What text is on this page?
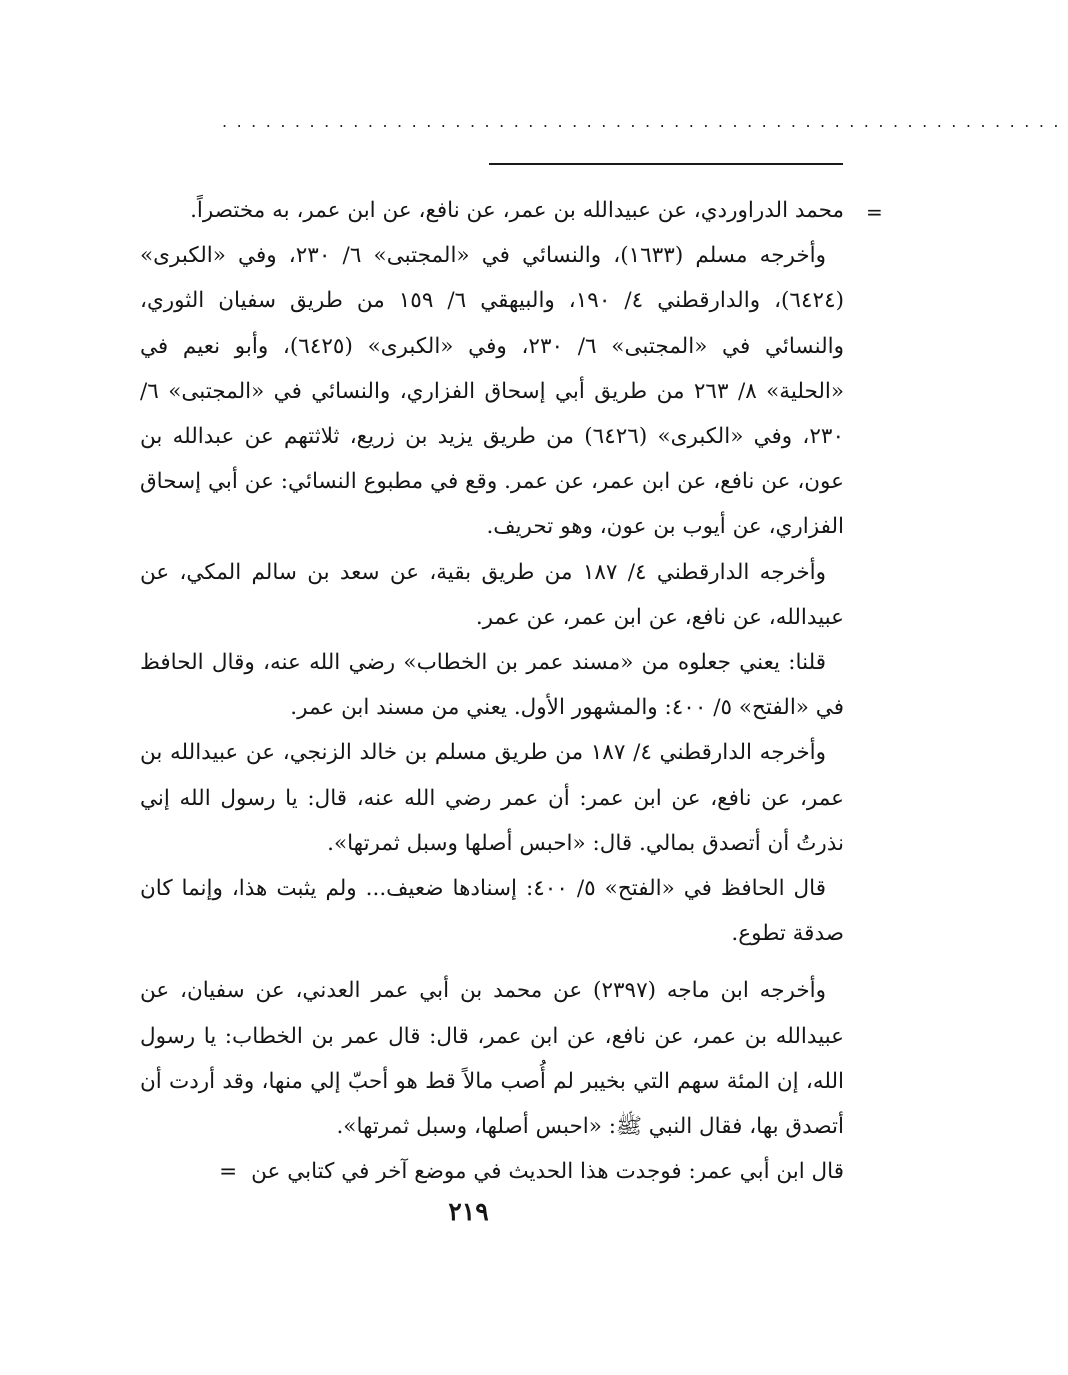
..........................................................
=

محمد الدراوردي، عن عبيدالله بن عمر، عن نافع، عن ابن عمر، به مختصراً.

وأخرجه مسلم (١٦٣٣)، والنسائي في «المجتبى» ٦/ ٢٣٠، وفي «الكبرى» (٦٤٢٤)، والدارقطني ٤/ ١٩٠، والبيهقي ٦/ ١٥٩ من طريق سفيان الثوري، والنسائي في «المجتبى» ٦/ ٢٣٠، وفي «الكبرى» (٦٤٢٥)، وأبو نعيم في «الحلية» ٨/ ٢٦٣ من طريق أبي إسحاق الفزاري، والنسائي في «المجتبى» ٦/ ٢٣٠، وفي «الكبرى» (٦٤٢٦) من طريق يزيد بن زريع، ثلاثتهم عن عبدالله بن عون، عن نافع، عن ابن عمر، عن عمر. وقع في مطبوع النسائي: عن أبي إسحاق الفزاري، عن أيوب بن عون، وهو تحريف.

وأخرجه الدارقطني ٤/ ١٨٧ من طريق بقية، عن سعد بن سالم المكي، عن عبيدالله، عن نافع، عن ابن عمر، عن عمر.

قلنا: يعني جعلوه من «مسند عمر بن الخطاب» رضي الله عنه، وقال الحافظ في «الفتح» ٥/ ٤٠٠: والمشهور الأول. يعني من مسند ابن عمر.

وأخرجه الدارقطني ٤/ ١٨٧ من طريق مسلم بن خالد الزنجي، عن عبيدالله بن عمر، عن نافع، عن ابن عمر: أن عمر رضي الله عنه، قال: يا رسول الله إني نذرتُ أن أتصدق بمالي. قال: «احبس أصلها وسبل ثمرتها».

قال الحافظ في «الفتح» ٥/ ٤٠٠: إسنادها ضعيف... ولم يثبت هذا، وإنما كان صدقة تطوع.

وأخرجه ابن ماجه (٢٣٩٧) عن محمد بن أبي عمر العدني، عن سفيان، عن عبيدالله بن عمر، عن نافع، عن ابن عمر، قال: قال عمر بن الخطاب: يا رسول الله، إن المئة سهم التي بخيبر لم أُصب مالاً قط هو أحبّ إلي منها، وقد أردت أن أتصدق بها، فقال النبي ﷺ: «احبس أصلها، وسبل ثمرتها».

قال ابن أبي عمر: فوجدت هذا الحديث في موضع آخر في كتابي عن=

٢١٩
